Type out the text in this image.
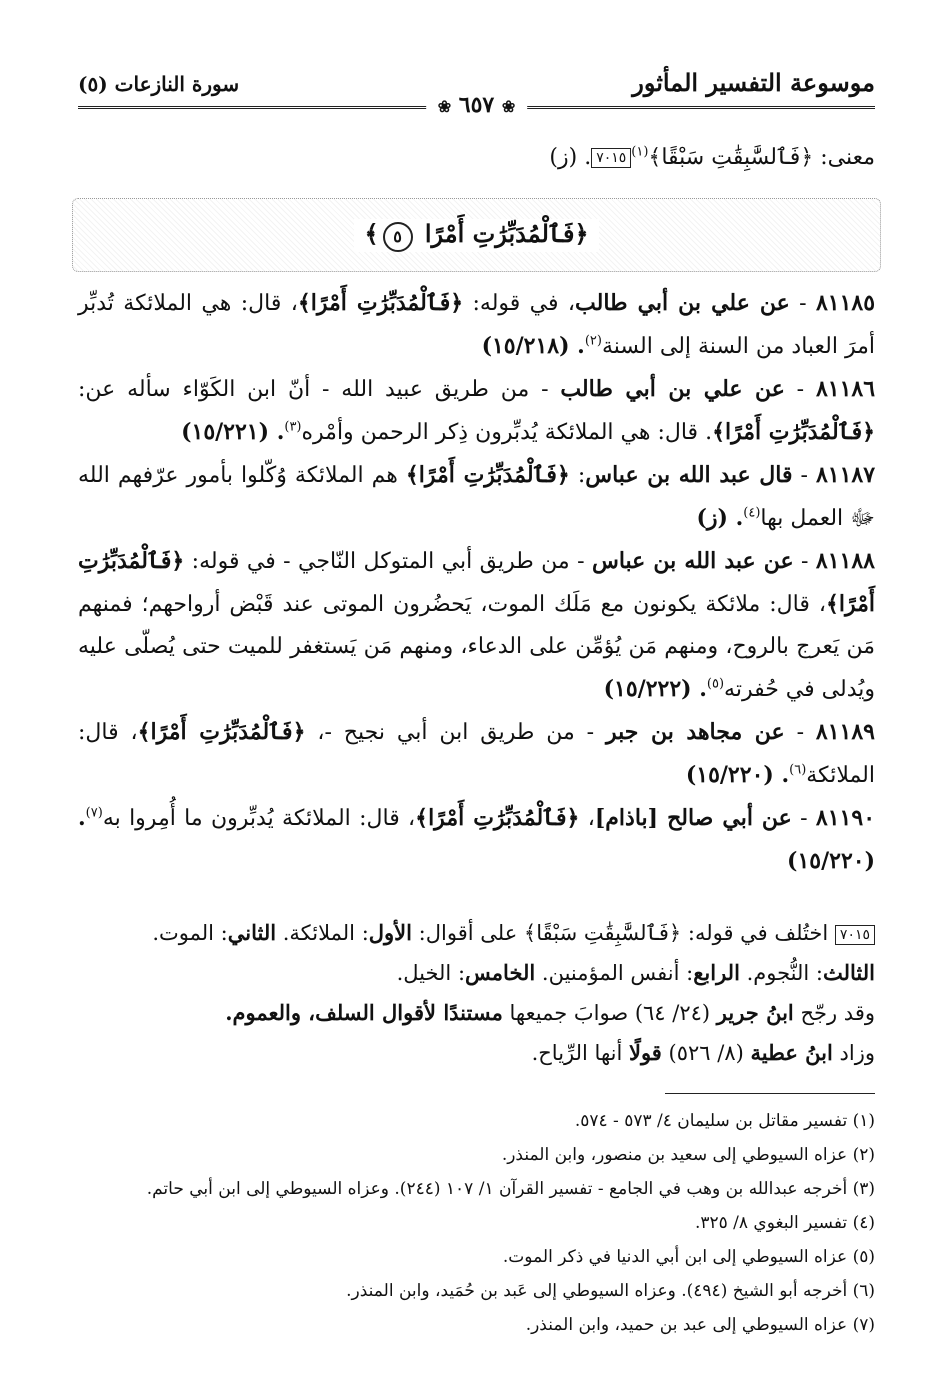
موسوعة التفسير المأثور
سورة النازعات (٥)
❀ ٦٥٧ ❀
معنى: ﴿فَٱلسَّٰبِقَٰتِ سَبْقًا﴾$^{(١)}$٧٠١٥. (ز)
﴿فَٱلْمُدَبِّرَٰتِ أَمْرًا ٥﴾

٨١١٨٥ - عن علي بن أبي طالب، في قوله: ﴿فَٱلْمُدَبِّرَٰتِ أَمْرًا﴾، قال: هي الملائكة تُدبِّر أمرَ العباد من السنة إلى السنة$^{(٢)}$. (١٥/٢١٨)

٨١١٨٦ - عن علي بن أبي طالب - من طريق عبيد الله - أنّ ابن الكَوّاء سأله عن: ﴿فَٱلْمُدَبِّرَٰتِ أَمْرًا﴾. قال: هي الملائكة يُدبِّرون ذِكر الرحمن وأمْره$^{(٣)}$. (١٥/٢٢١)

٨١١٨٧ - قال عبد الله بن عباس: ﴿فَٱلْمُدَبِّرَٰتِ أَمْرًا﴾ هم الملائكة وُكّلوا بأمور عرّفهم الله ﷻ العمل بها$^{(٤)}$. (ز)

٨١١٨٨ - عن عبد الله بن عباس - من طريق أبي المتوكل النّاجي - في قوله: ﴿فَٱلْمُدَبِّرَٰتِ أَمْرًا﴾، قال: ملائكة يكونون مع مَلَك الموت، يَحضُرون الموتى عند قَبْض أرواحهم؛ فمنهم مَن يَعرج بالروح، ومنهم مَن يُؤمِّن على الدعاء، ومنهم مَن يَستغفر للميت حتى يُصلّى عليه ويُدلى في حُفرته$^{(٥)}$. (١٥/٢٢٢)

٨١١٨٩ - عن مجاهد بن جبر - من طريق ابن أبي نجيح -، ﴿فَٱلْمُدَبِّرَٰتِ أَمْرًا﴾، قال: الملائكة$^{(٦)}$. (١٥/٢٢٠)

٨١١٩٠ - عن أبي صالح [باذام]، ﴿فَٱلْمُدَبِّرَٰتِ أَمْرًا﴾، قال: الملائكة يُدبِّرون ما أُمِروا به$^{(٧)}$. (١٥/٢٢٠)

٧٠١٥ اختُلف في قوله: ﴿فَٱلسَّٰبِقَٰتِ سَبْقًا﴾ على أقوال: الأول: الملائكة. الثاني: الموت.
الثالث: النُّجوم. الرابع: أنفس المؤمنين. الخامس: الخيل.
وقد رجّح ابنُ جرير (٢٤/ ٦٤) صوابَ جميعها مستندًا لأقوال السلف، والعموم.
وزاد ابنُ عطية (٨/ ٥٢٦) قولًا أنها الرِّياح.

(١) تفسير مقاتل بن سليمان ٤/ ٥٧٣ - ٥٧٤.

(٢) عزاه السيوطي إلى سعيد بن منصور، وابن المنذر.

(٣) أخرجه عبدالله بن وهب في الجامع - تفسير القرآن ١/ ١٠٧ (٢٤٤). وعزاه السيوطي إلى ابن أبي حاتم.

(٤) تفسير البغوي ٨/ ٣٢٥.

(٥) عزاه السيوطي إلى ابن أبي الدنيا في ذكر الموت.

(٦) أخرجه أبو الشيخ (٤٩٤). وعزاه السيوطي إلى عَبد بن حُمَيد، وابن المنذر.

(٧) عزاه السيوطي إلى عبد بن حميد، وابن المنذر.
